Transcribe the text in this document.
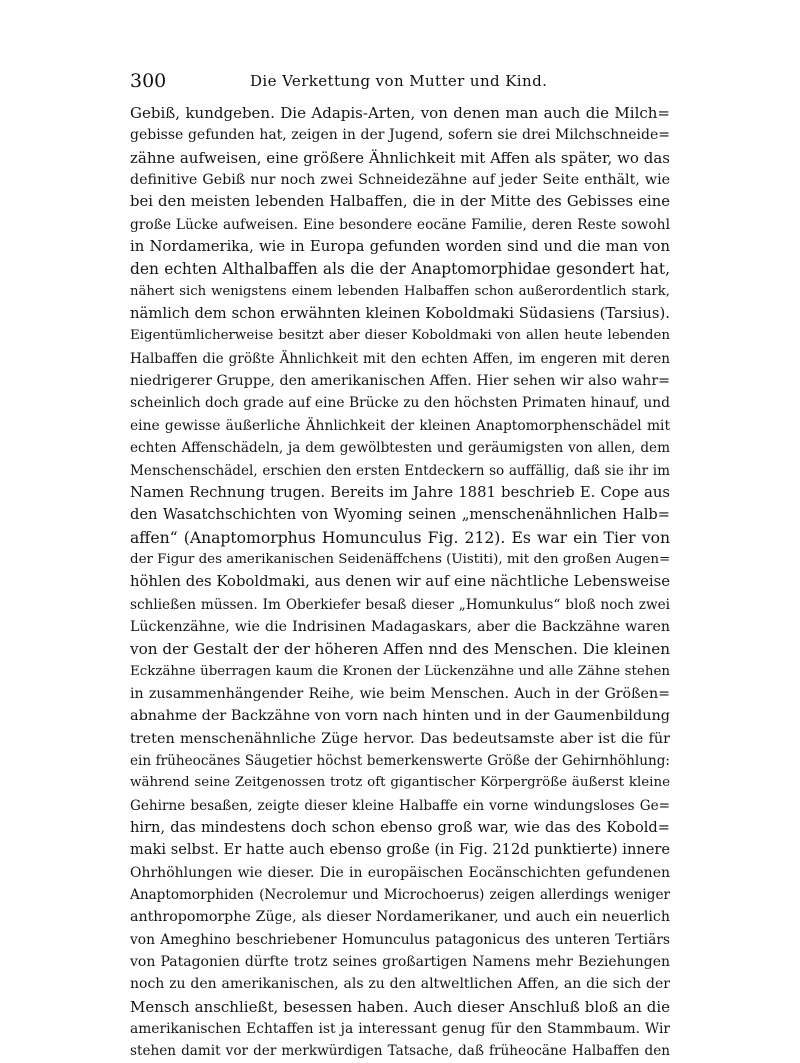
300	Die Verkettung von Mutter und Kind.
Gebiß, kundgeben. Die Adapis-Arten, von denen man auch die Milch=
gebisse gefunden hat, zeigen in der Jugend, sofern sie drei Milchschneide=
zähne aufweisen, eine größere Ähnlichkeit mit Affen als später, wo das
definitive Gebiß nur noch zwei Schneidezähne auf jeder Seite enthält, wie
bei den meisten lebenden Halbaffen, die in der Mitte des Gebisses eine
große Lücke aufweisen. Eine besondere eocäne Familie, deren Reste sowohl
in Nordamerika, wie in Europa gefunden worden sind und die man von
den echten Althalbaffen als die der Anaptomorphidae gesondert hat,
nähert sich wenigstens einem lebenden Halbaffen schon außerordentlich stark,
nämlich dem schon erwähnten kleinen Koboldmaki Südasiens (Tarsius).
Eigentümlicherweise besitzt aber dieser Koboldmaki von allen heute lebenden
Halbaffen die größte Ähnlichkeit mit den echten Affen, im engeren mit deren
niedrigerer Gruppe, den amerikanischen Affen. Hier sehen wir also wahr=
scheinlich doch grade auf eine Brücke zu den höchsten Primaten hinauf, und
eine gewisse äußerliche Ähnlichkeit der kleinen Anaptomorphenschädel mit
echten Affenschädeln, ja dem gewölbtesten und geräumigsten von allen, dem
Menschenschädel, erschien den ersten Entdeckern so auffällig, daß sie ihr im
Namen Rechnung trugen. Bereits im Jahre 1881 beschrieb E. Cope aus
den Wasatchschichten von Wyoming seinen „menschenähnlichen Halb=
affen“ (Anaptomorphus Homunculus Fig. 212). Es war ein Tier von
der Figur des amerikanischen Seidenäffchens (Uistiti), mit den großen Augen=
höhlen des Koboldmaki, aus denen wir auf eine nächtliche Lebensweise
schließen müssen. Im Oberkiefer besaß dieser „Homunkulus“ bloß noch zwei
Lückenzähne, wie die Indrisinen Madagaskars, aber die Backzähne waren
von der Gestalt der der höheren Affen nnd des Menschen. Die kleinen
Eckzähne überragen kaum die Kronen der Lückenzähne und alle Zähne stehen
in zusammenhängender Reihe, wie beim Menschen. Auch in der Größen=
abnahme der Backzähne von vorn nach hinten und in der Gaumenbildung
treten menschenähnliche Züge hervor. Das bedeutsamste aber ist die für
ein früheocänes Säugetier höchst bemerkenswerte Größe der Gehirnhöhlung:
während seine Zeitgenossen trotz oft gigantischer Körpergröße äußerst kleine
Gehirne besaßen, zeigte dieser kleine Halbaffe ein vorne windungsloses Ge=
hirn, das mindestens doch schon ebenso groß war, wie das des Kobold=
maki selbst. Er hatte auch ebenso große (in Fig. 212d punktierte) innere
Ohrhöhlungen wie dieser. Die in europäischen Eocänschichten gefundenen
Anaptomorphiden (Necrolemur und Microchoerus) zeigen allerdings weniger
anthropomorphe Züge, als dieser Nordamerikaner, und auch ein neuerlich
von Ameghino beschriebener Homunculus patagonicus des unteren Tertiärs
von Patagonien dürfte trotz seines großartigen Namens mehr Beziehungen
noch zu den amerikanischen, als zu den altweltlichen Affen, an die sich der
Mensch anschließt, besessen haben. Auch dieser Anschluß bloß an die
amerikanischen Echtaffen ist ja interessant genug für den Stammbaum. Wir
stehen damit vor der merkwürdigen Tatsache, daß früheocäne Halbaffen den
